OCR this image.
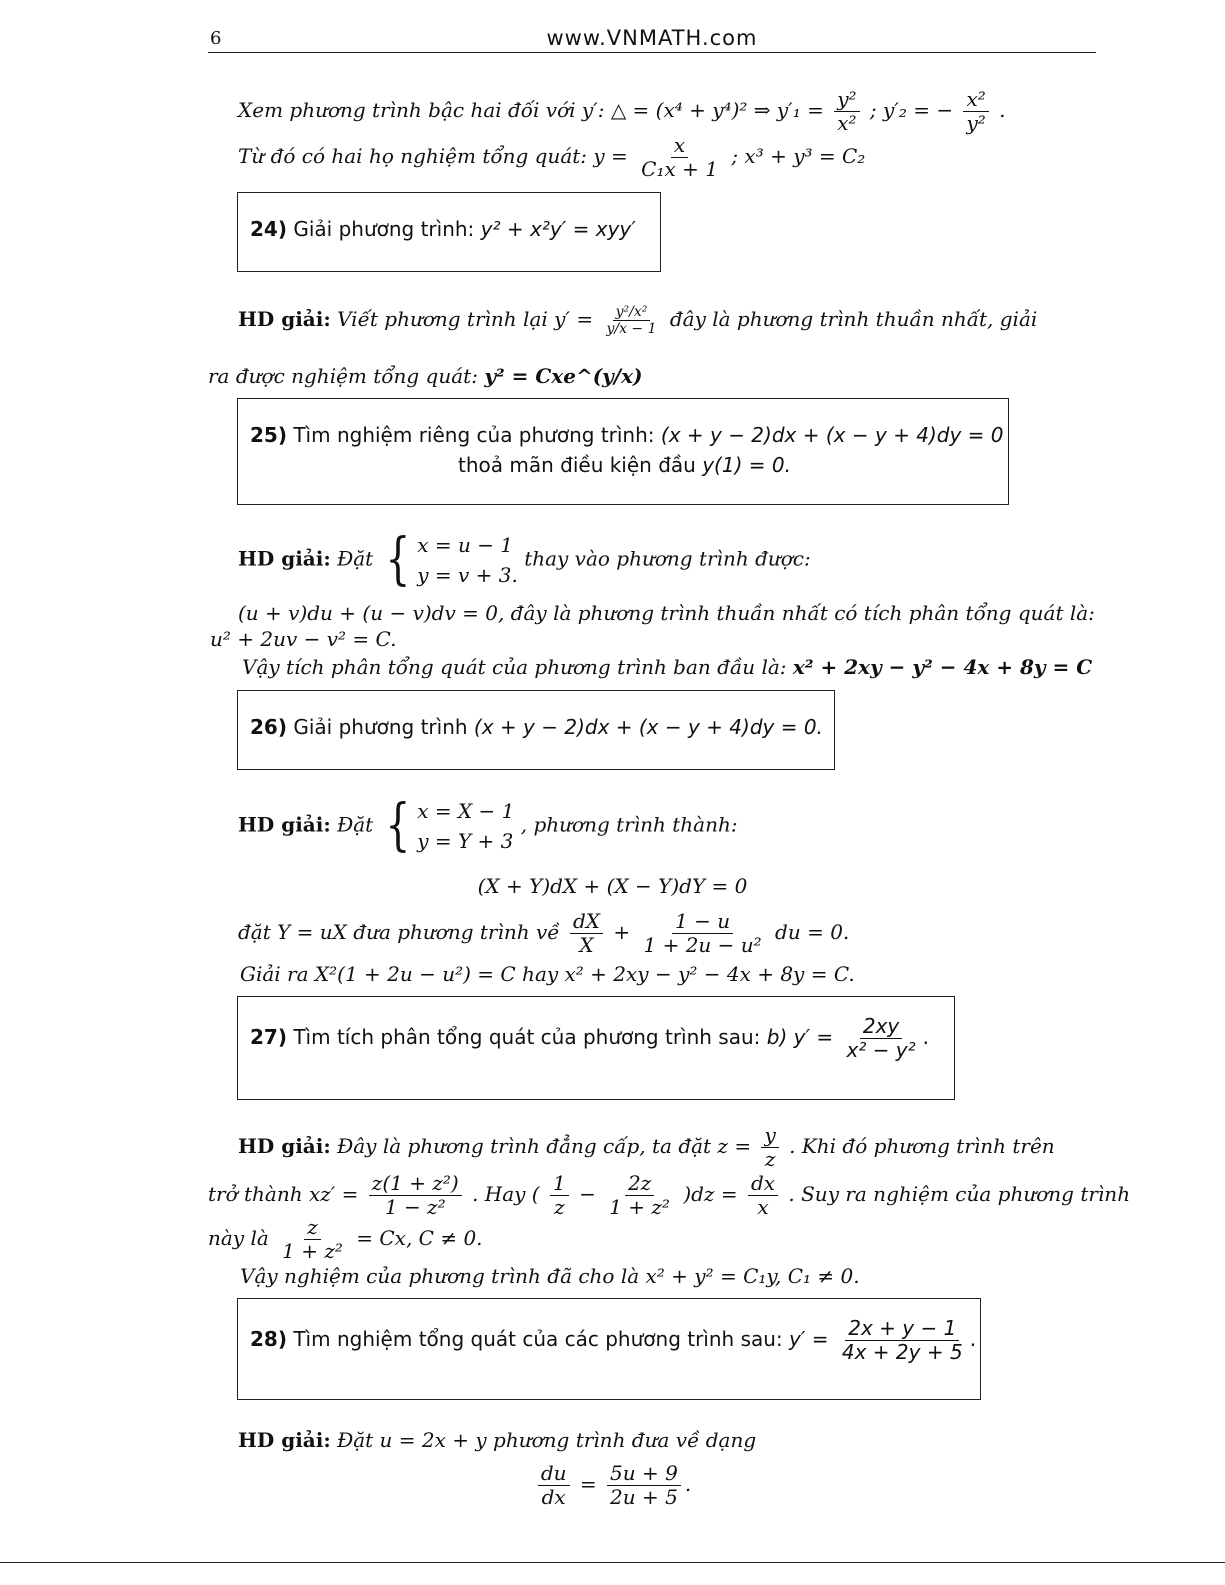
6	www.VNMATH.com
Xem phương trình bậc hai đối với y′: △ = (x⁴ + y⁴)² ⇒ $y'_1 = \frac{\text{y²}}{\text{x²}}$ ; y′₂ = − $\frac{\text{x²}}{\text{y²}}$ .
Từ đó có hai họ nghiệm tổng quát: $y = \frac{x}{\text{C₁x + 1}}$ ; x³ + y³ = C₂
24) Giải phương trình: y² + x²y′ = xyy′
HD giải: Viết phương trình lại $y' = \frac{\text{y²/x²}}{y/x - 1}$ đây là phương trình thuần nhất, giải
ra được nghiệm tổng quát: y² = Cxe^(y/x)
25) Tìm nghiệm riêng của phương trình: (x + y − 2)dx + (x − y + 4)dy = 0
thoả mãn điều kiện đầu y(1) = 0.
HD giải: Đặt { x = u − 1
y = v + 3.
thay vào phương trình được:
(u + v)du + (u − v)dv = 0, đây là phương trình thuần nhất có tích phân tổng quát là:
u² + 2uv − v² = C.
Vậy tích phân tổng quát của phương trình ban đầu là: x² + 2xy − y² − 4x + 8y = C
26) Giải phương trình (x + y − 2)dx + (x − y + 4)dy = 0.
HD giải: Đặt { x = X − 1
y = Y + 3
, phương trình thành:
(X + Y)dX + (X − Y)dY = 0
đặt Y = uX đưa phương trình về $\frac{dX}{X} + \frac{1 - u}{\text{1 + 2u − u²}}$ du = 0.
Giải ra X²(1 + 2u − u²) = C hay x² + 2xy − y² − 4x + 8y = C.
27) Tìm tích phân tổng quát của phương trình sau: b) $y' = \frac{2xy}{\text{x² − y²}}$ .
HD giải: Đây là phương trình đẳng cấp, ta đặt $z = \frac{y}{z}$ . Khi đó phương trình trên
trở thành $xz' = \frac{\text{z(1 + z²)}}{\text{1 − z²}}$ . Hay ( $\frac{1}{z} - \frac{2z}{\text{1 + z²}} )dz = \frac{dx}{x}$ . Suy ra nghiệm của phương trình
này là $\frac{z}{\text{1 + z²}} = Cx$, C ≠ 0.
Vậy nghiệm của phương trình đã cho là x² + y² = C₁y, C₁ ≠ 0.
28) Tìm nghiệm tổng quát của các phương trình sau: $y' = \frac{2x + y - 1}{4x + 2y + 5}$ .
HD giải: Đặt u = 2x + y phương trình đưa về dạng
$\frac{du}{dx} = \frac{5u + 9}{2u + 5}$ .
